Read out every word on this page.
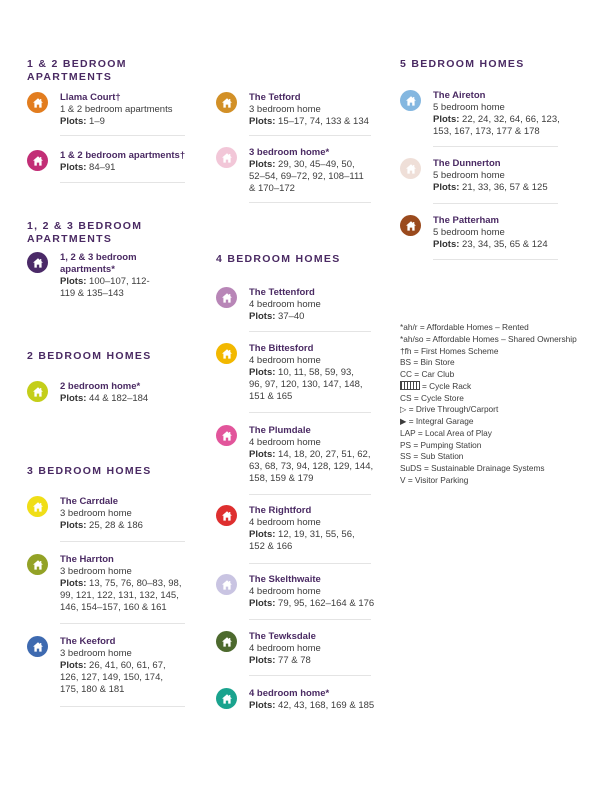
1 & 2 BEDROOM
APARTMENTS
Llama Court†
1 & 2 bedroom apartments
Plots: 1–9
1 & 2 bedroom apartments†
Plots: 84–91
1, 2 & 3 BEDROOM
APARTMENTS
1, 2 & 3 bedroom apartments*
Plots: 100–107, 112-119 & 135–143
2 BEDROOM HOMES
2 bedroom home*
Plots: 44 & 182–184
3 BEDROOM HOMES
The Carrdale
3 bedroom home
Plots: 25, 28 & 186
The Harrton
3 bedroom home
Plots: 13, 75, 76, 80–83, 98, 99, 121, 122, 131, 132, 145, 146, 154–157, 160 & 161
The Keeford
3 bedroom home
Plots: 26, 41, 60, 61, 67, 126, 127, 149, 150, 174, 175, 180 & 181
The Tetford
3 bedroom home
Plots: 15–17, 74, 133 & 134
3 bedroom home*
Plots: 29, 30, 45–49, 50, 52–54, 69–72, 92, 108–111 & 170–172
4 BEDROOM HOMES
The Tettenford
4 bedroom home
Plots: 37–40
The Bittesford
4 bedroom home
Plots: 10, 11, 58, 59, 93, 96, 97, 120, 130, 147, 148, 151 & 165
The Plumdale
4 bedroom home
Plots: 14, 18, 20, 27, 51, 62, 63, 68, 73, 94, 128, 129, 144, 158, 159 & 179
The Rightford
4 bedroom home
Plots: 12, 19, 31, 55, 56, 152 & 166
The Skelthwaite
4 bedroom home
Plots: 79, 95, 162–164 & 176
The Tewksdale
4 bedroom home
Plots: 77 & 78
4 bedroom home*
Plots: 42, 43, 168, 169 & 185
5 BEDROOM HOMES
The Aireton
5 bedroom home
Plots: 22, 24, 32, 64, 66, 123, 153, 167, 173, 177 & 178
The Dunnerton
5 bedroom home
Plots: 21, 33, 36, 57 & 125
The Patterham
5 bedroom home
Plots: 23, 34, 35, 65 & 124
*ah/r = Affordable Homes – Rented
*ah/so = Affordable Homes – Shared Ownership
†fh = First Homes Scheme
BS = Bin Store
CC = Car Club
= Cycle Rack
CS = Cycle Store
▷ = Drive Through/Carport
▶ = Integral Garage
LAP = Local Area of Play
PS = Pumping Station
SS = Sub Station
SuDS = Sustainable Drainage Systems
V = Visitor Parking
